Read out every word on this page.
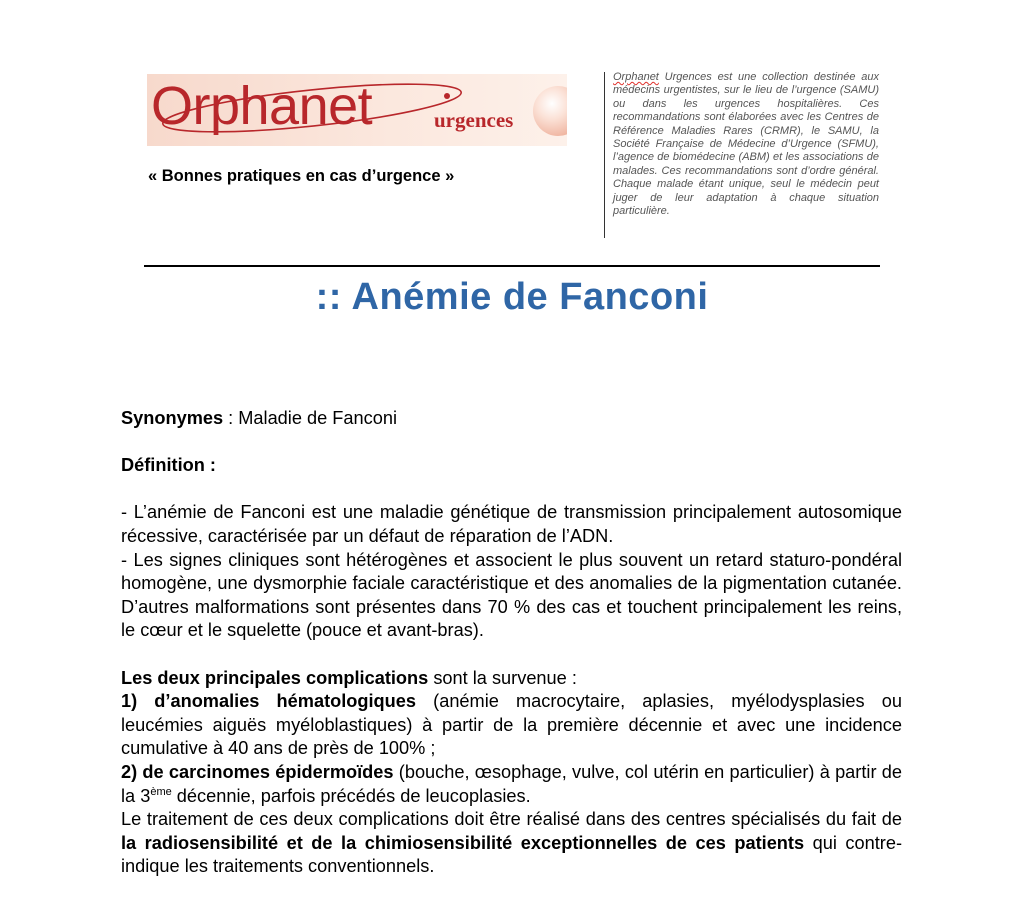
Orphanet	urgences
« Bonnes pratiques en cas d’urgence »
Orphanet Urgences est une collection destinée aux médecins urgentistes, sur le lieu de l’urgence (SAMU) ou dans les urgences hospitalières. Ces recommandations sont élaborées avec les Centres de Référence Maladies Rares (CRMR), le SAMU, la Société Française de Médecine d’Urgence (SFMU), l’agence de biomédecine (ABM) et les associations de malades. Ces recommandations sont d’ordre général. Chaque malade étant unique, seul le médecin peut juger de leur adaptation à chaque situation particulière.
:: Anémie de Fanconi

Synonymes : Maladie de Fanconi

Définition :

- L’anémie de Fanconi est une maladie génétique de transmission principalement autosomique récessive, caractérisée par un défaut de réparation de l’ADN.

- Les signes cliniques sont hétérogènes et associent le plus souvent un retard staturo-pondéral homogène, une dysmorphie faciale caractéristique et des anomalies de la pigmentation cutanée. D’autres malformations sont présentes dans 70 % des cas et touchent principalement les reins, le cœur et le squelette (pouce et avant-bras).

Les deux principales complications sont la survenue :

1) d’anomalies hématologiques (anémie macrocytaire, aplasies, myélodysplasies ou leucémies aiguës myéloblastiques) à partir de la première décennie et avec une incidence cumulative à 40 ans de près de 100% ;

2) de carcinomes épidermoïdes (bouche, œsophage, vulve, col utérin en particulier) à partir de la 3ème décennie, parfois précédés de leucoplasies.

Le traitement de ces deux complications doit être réalisé dans des centres spécialisés du fait de la radiosensibilité et de la chimiosensibilité exceptionnelles de ces patients qui contre-indique les traitements conventionnels.
